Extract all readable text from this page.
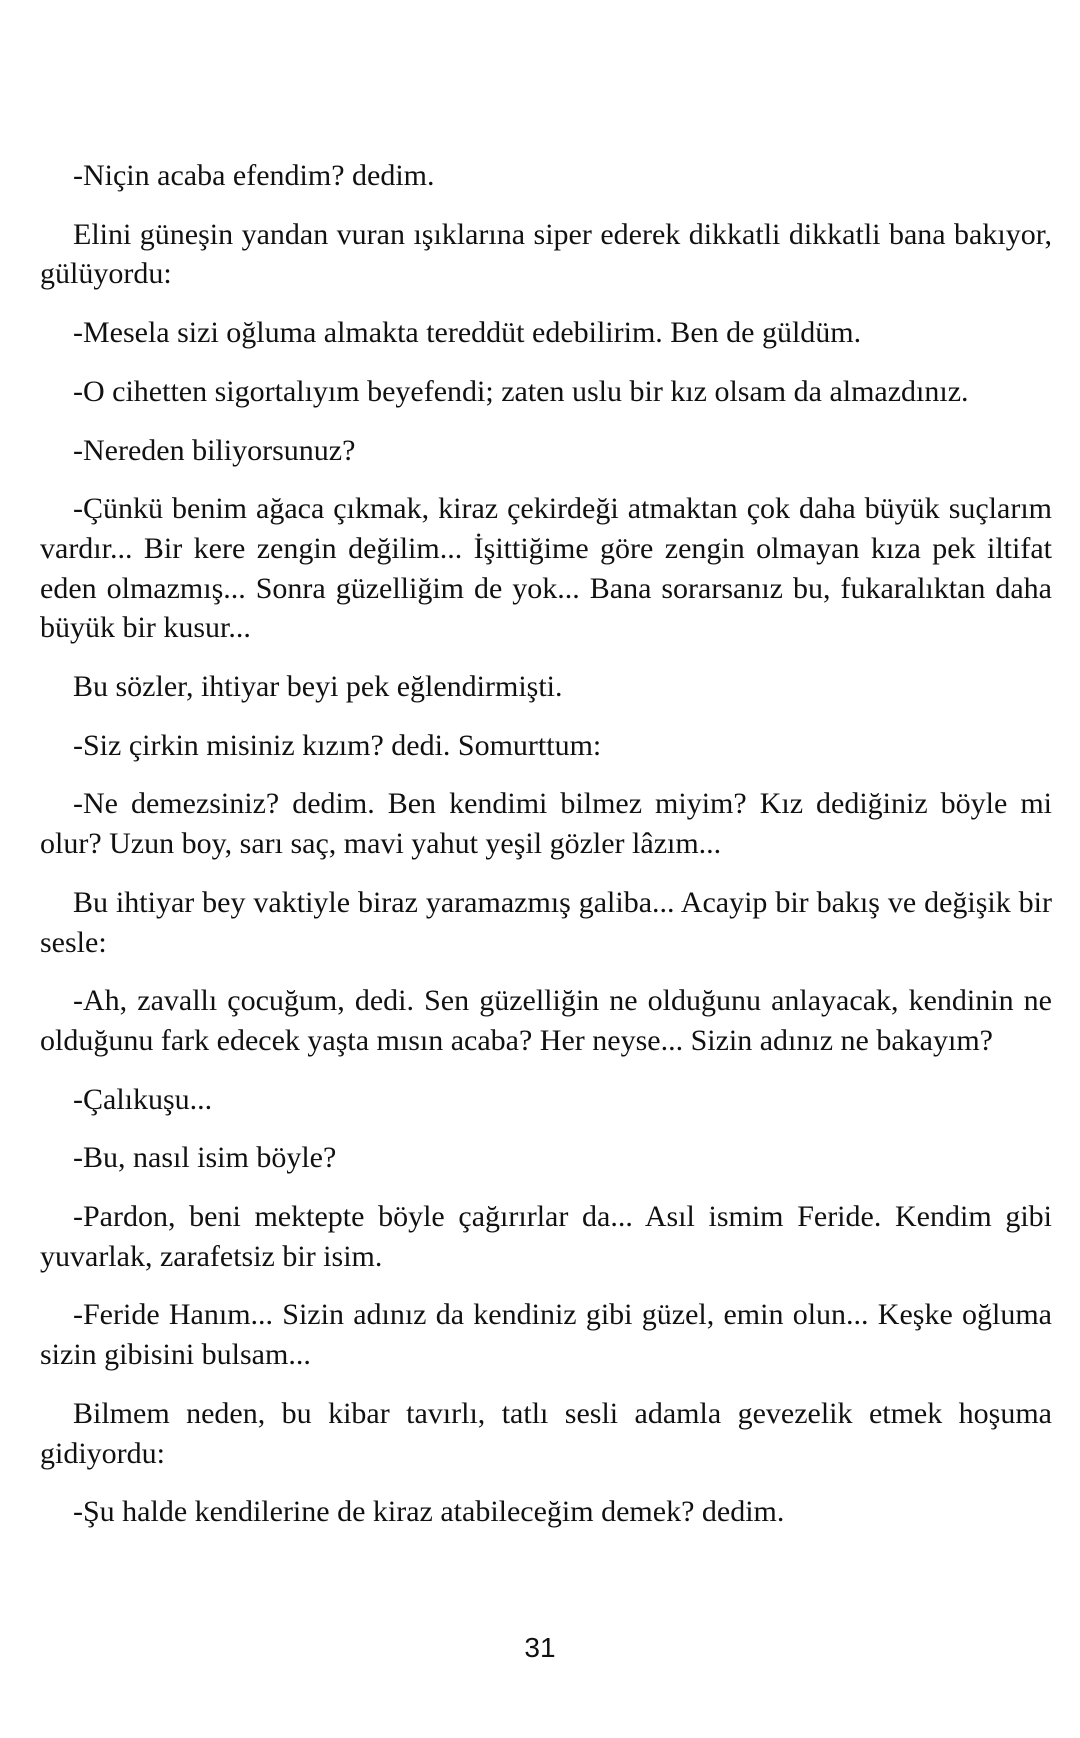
-Niçin acaba efendim? dedim.

Elini güneşin yandan vuran ışıklarına siper ederek dikkatli dikkatli bana bakıyor, gülüyordu:

-Mesela sizi oğluma almakta tereddüt edebilirim. Ben de güldüm.

-O cihetten sigortalıyım beyefendi; zaten uslu bir kız olsam da almazdınız.

-Nereden biliyorsunuz?

-Çünkü benim ağaca çıkmak, kiraz çekirdeği atmaktan çok daha büyük suçlarım vardır... Bir kere zengin değilim... İşittiğime göre zengin olmayan kıza pek iltifat eden olmazmış... Sonra güzelliğim de yok... Bana sorarsanız bu, fukaralıktan daha büyük bir kusur...

Bu sözler, ihtiyar beyi pek eğlendirmişti.

-Siz çirkin misiniz kızım? dedi. Somurttum:

-Ne demezsiniz? dedim. Ben kendimi bilmez miyim? Kız dediğiniz böyle mi olur? Uzun boy, sarı saç, mavi yahut yeşil gözler lâzım...

Bu ihtiyar bey vaktiyle biraz yaramazmış galiba... Acayip bir bakış ve değişik bir sesle:

-Ah, zavallı çocuğum, dedi. Sen güzelliğin ne olduğunu anlayacak, kendinin ne olduğunu fark edecek yaşta mısın acaba? Her neyse... Sizin adınız ne bakayım?

-Çalıkuşu...

-Bu, nasıl isim böyle?

-Pardon, beni mektepte böyle çağırırlar da... Asıl ismim Feride. Kendim gibi yuvarlak, zarafetsiz bir isim.

-Feride Hanım... Sizin adınız da kendiniz gibi güzel, emin olun... Keşke oğluma sizin gibisini bulsam...

Bilmem neden, bu kibar tavırlı, tatlı sesli adamla gevezelik etmek hoşuma gidiyordu:

-Şu halde kendilerine de kiraz atabileceğim demek? dedim.

31
